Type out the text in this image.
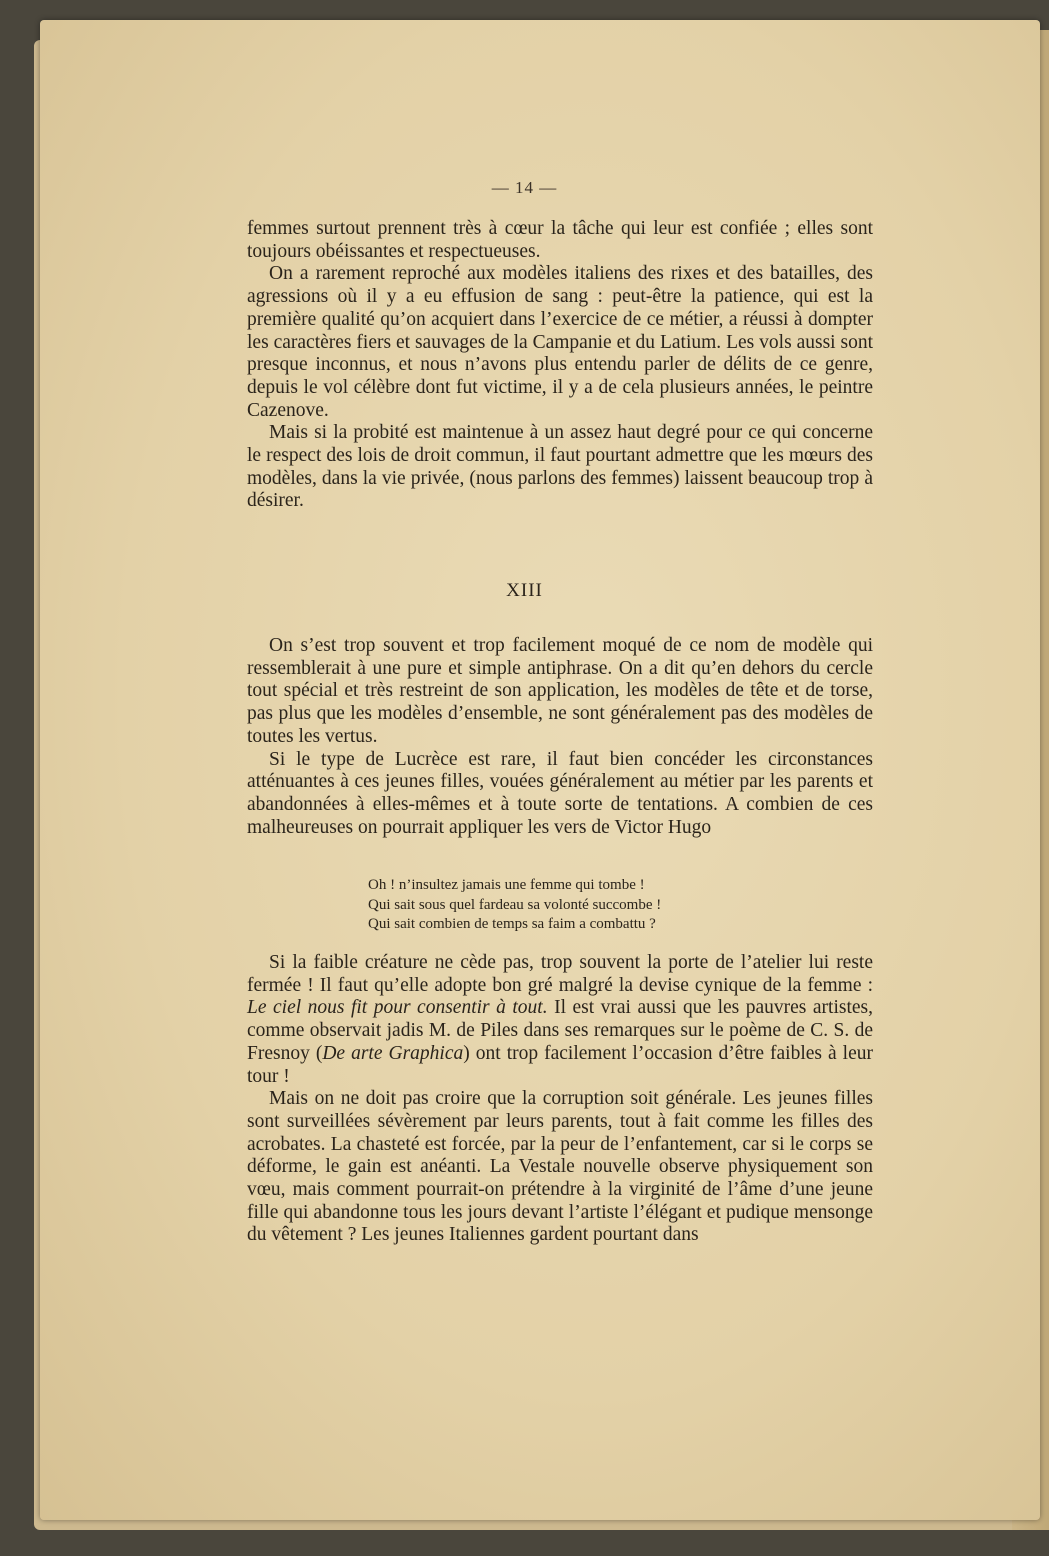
— 14 —

femmes surtout prennent très à cœur la tâche qui leur est confiée ; elles sont toujours obéissantes et respectueuses.

On a rarement reproché aux modèles italiens des rixes et des batailles, des agressions où il y a eu effusion de sang : peut-être la patience, qui est la première qualité qu’on acquiert dans l’exercice de ce métier, a réussi à dompter les caractères fiers et sauvages de la Campanie et du Latium. Les vols aussi sont presque inconnus, et nous n’avons plus entendu parler de délits de ce genre, depuis le vol célèbre dont fut victime, il y a de cela plusieurs années, le peintre Cazenove.

Mais si la probité est maintenue à un assez haut degré pour ce qui concerne le respect des lois de droit commun, il faut pourtant admettre que les mœurs des modèles, dans la vie privée, (nous parlons des femmes) laissent beaucoup trop à désirer.

XIII

On s’est trop souvent et trop facilement moqué de ce nom de modèle qui ressemblerait à une pure et simple antiphrase. On a dit qu’en dehors du cercle tout spécial et très restreint de son application, les modèles de tête et de torse, pas plus que les modèles d’ensemble, ne sont généralement pas des modèles de toutes les vertus.

Si le type de Lucrèce est rare, il faut bien concéder les circonstances atténuantes à ces jeunes filles, vouées généralement au métier par les parents et abandonnées à elles-mêmes et à toute sorte de tentations. A combien de ces malheureuses on pourrait appliquer les vers de Victor Hugo

Oh ! n’insultez jamais une femme qui tombe !
Qui sait sous quel fardeau sa volonté succombe !
Qui sait combien de temps sa faim a combattu ?

Si la faible créature ne cède pas, trop souvent la porte de l’atelier lui reste fermée ! Il faut qu’elle adopte bon gré malgré la devise cynique de la femme : Le ciel nous fit pour consentir à tout. Il est vrai aussi que les pauvres artistes, comme observait jadis M. de Piles dans ses remarques sur le poème de C. S. de Fresnoy (De arte Graphica) ont trop facilement l’occasion d’être faibles à leur tour !

Mais on ne doit pas croire que la corruption soit générale. Les jeunes filles sont surveillées sévèrement par leurs parents, tout à fait comme les filles des acrobates. La chasteté est forcée, par la peur de l’enfantement, car si le corps se déforme, le gain est anéanti. La Vestale nouvelle observe physiquement son vœu, mais comment pourrait-on prétendre à la virginité de l’âme d’une jeune fille qui abandonne tous les jours devant l’artiste l’élégant et pudique mensonge du vêtement ? Les jeunes Italiennes gardent pourtant dans
